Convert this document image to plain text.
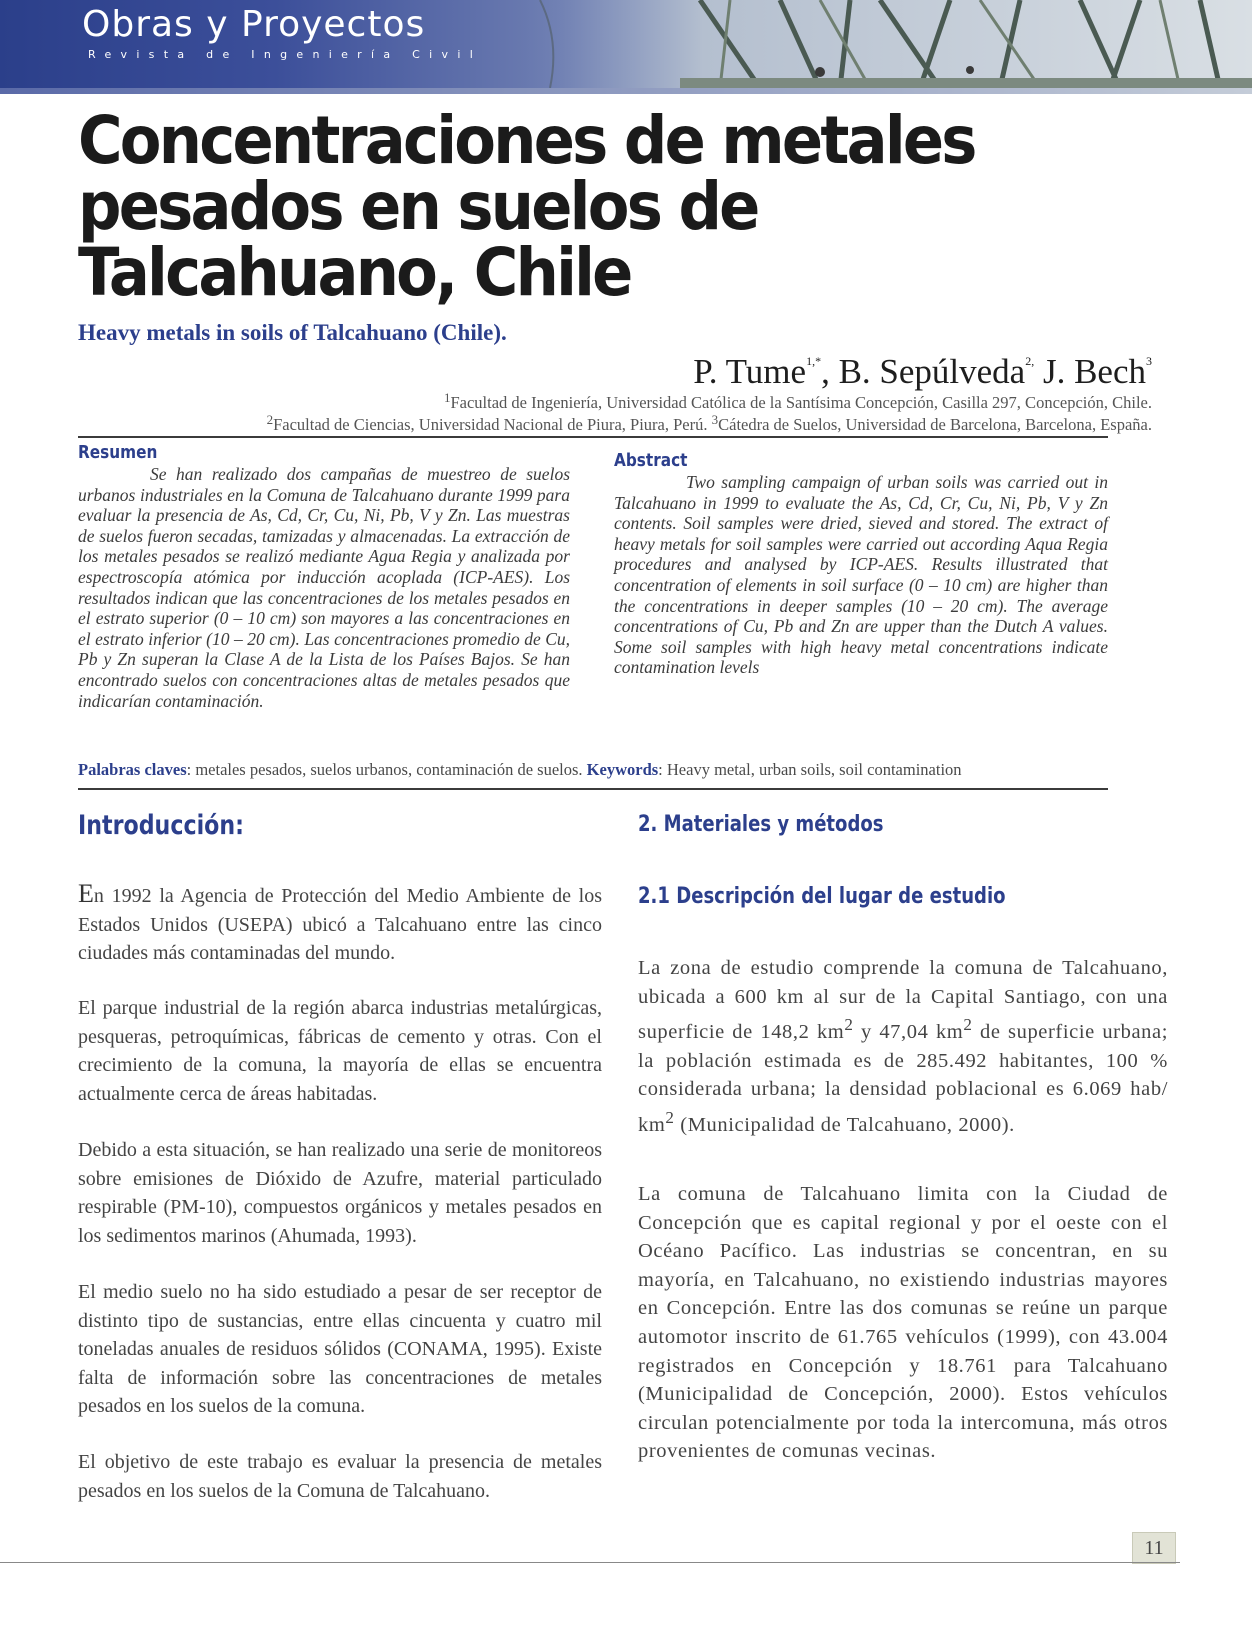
Obras y Proyectos
Revista de Ingeniería Civil
Concentraciones de metales pesados en suelos de Talcahuano, Chile

Heavy metals in soils of Talcahuano (Chile).

P. Tume$^{1,*}$, B. Sepúlveda$^{2,}$ J. Bech$^3$

$^1$Facultad de Ingeniería, Universidad Católica de la Santísima Concepción, Casilla 297, Concepción, Chile.

$^2$Facultad de Ciencias, Universidad Nacional de Piura, Piura, Perú. $^3$Cátedra de Suelos, Universidad de Barcelona, Barcelona, España.

Resumen

Se han realizado dos campañas de muestreo de suelos urbanos industriales en la Comuna de Talcahuano durante 1999 para evaluar la presencia de As, Cd, Cr, Cu, Ni, Pb, V y Zn. Las muestras de suelos fueron secadas, tamizadas y almacenadas. La extracción de los metales pesados se realizó mediante Agua Regia y analizada por espectroscopía atómica por inducción acoplada (ICP-AES). Los resultados indican que las concentraciones de los metales pesados en el estrato superior (0 – 10 cm) son mayores a las concentraciones en el estrato inferior (10 – 20 cm). Las concentraciones promedio de Cu, Pb y Zn superan la Clase A de la Lista de los Países Bajos. Se han encontrado suelos con concentraciones altas de metales pesados que indicarían contaminación.

Abstract

Two sampling campaign of urban soils was carried out in Talcahuano in 1999 to evaluate the As, Cd, Cr, Cu, Ni, Pb, V y Zn contents. Soil samples were dried, sieved and stored. The extract of heavy metals for soil samples were carried out according Aqua Regia procedures and analysed by ICP-AES. Results illustrated that concentration of elements in soil surface (0 – 10 cm) are higher than the concentrations in deeper samples (10 – 20 cm). The average concentrations of Cu, Pb and Zn are upper than the Dutch A values. Some soil samples with high heavy metal concentrations indicate contamination levels

Palabras claves: metales pesados, suelos urbanos, contaminación de suelos. Keywords: Heavy metal, urban soils, soil contamination

Introducción:

En 1992 la Agencia de Protección del Medio Ambiente de los Estados Unidos (USEPA) ubicó a Talcahuano entre las cinco ciudades más contaminadas del mundo.

El parque industrial de la región abarca industrias metalúrgicas, pesqueras, petroquímicas, fábricas de cemento y otras. Con el crecimiento de la comuna, la mayoría de ellas se encuentra actualmente cerca de áreas habitadas.

Debido a esta situación, se han realizado una serie de monitoreos sobre emisiones de Dióxido de Azufre, material particulado respirable (PM-10), compuestos orgánicos y metales pesados en los sedimentos marinos (Ahumada, 1993).

El medio suelo no ha sido estudiado a pesar de ser receptor de distinto tipo de sustancias, entre ellas cincuenta y cuatro mil toneladas anuales de residuos sólidos (CONAMA, 1995). Existe falta de información sobre las concentraciones de metales pesados en los suelos de la comuna.

El objetivo de este trabajo es evaluar la presencia de metales pesados en los suelos de la Comuna de Talcahuano.

2. Materiales y métodos
2.1 Descripción del lugar de estudio

La zona de estudio comprende la comuna de Talcahuano, ubicada a 600 km al sur de la Capital Santiago, con una superficie de 148,2 $km^2$ y 47,04 $km^2$ de superficie urbana; la población estimada es de 285.492 habitantes, 100 % considerada urbana; la densidad poblacional es 6.069 hab/ $km^2$ (Municipalidad de Talcahuano, 2000).

La comuna de Talcahuano limita con la Ciudad de Concepción que es capital regional y por el oeste con el Océano Pacífico. Las industrias se concentran, en su mayoría, en Talcahuano, no existiendo industrias mayores en Concepción. Entre las dos comunas se reúne un parque automotor inscrito de 61.765 vehículos (1999), con 43.004 registrados en Concepción y 18.761 para Talcahuano (Municipalidad de Concepción, 2000). Estos vehículos circulan potencialmente por toda la intercomuna, más otros provenientes de comunas vecinas.

11
